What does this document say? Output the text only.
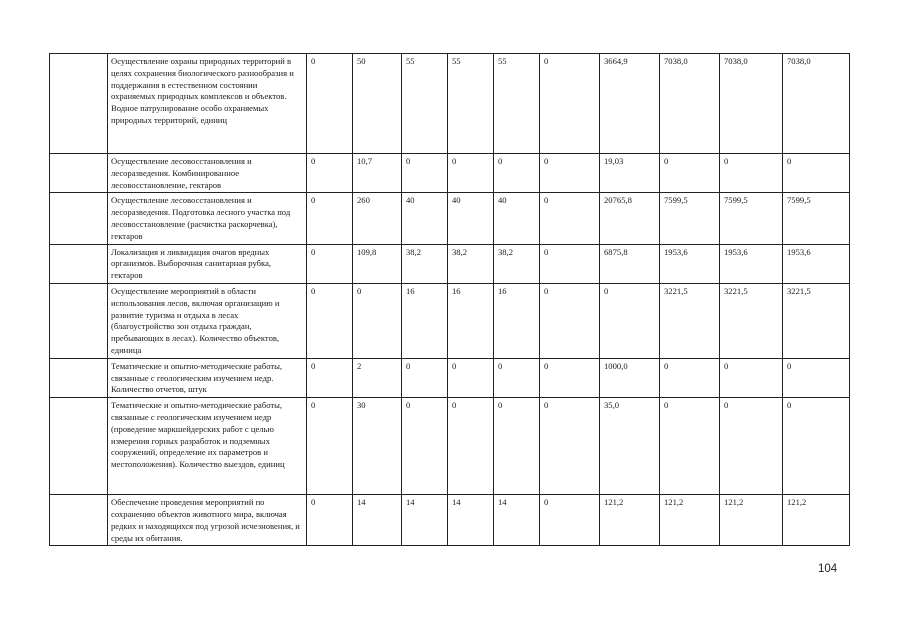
	Осуществление охраны природных территорий в целях сохранения биологического разнообразия и поддержания в естественном состоянии охраняемых природных комплексов и объектов. Водное патрулирование особо охраняемых природных территорий, единиц	0	50	55	55	55	0	3664,9	7038,0	7038,0	7038,0
	Осуществление лесовосстановления и лесоразведения. Комбинированное лесовосстановление, гектаров	0	10,7	0	0	0	0	19,03	0	0	0
	Осуществление лесовосстановления и лесоразведения. Подготовка лесного участка под лесовосстановление (расчистка раскорчевка), гектаров	0	260	40	40	40	0	20765,8	7599,5	7599,5	7599,5
	Локализация и ликвидация очагов вредных организмов. Выборочная санитарная рубка, гектаров	0	109,8	38,2	38,2	38,2	0	6875,8	1953,6	1953,6	1953,6
	Осуществление мероприятий в области использования лесов, включая организацию и развитие туризма и отдыха в лесах (благоустройство зон отдыха граждан, пребывающих в лесах). Количество объектов, единица	0	0	16	16	16	0	0	3221,5	3221,5	3221,5
	Тематические и опытно-методические работы, связанные с геологическим изучением недр. Количество отчетов, штук	0	2	0	0	0	0	1000,0	0	0	0
	Тематические и опытно-методические работы, связанные с геологическим изучением недр (проведение маркшейдерских работ с целью измерения горных разработок и подземных сооружений, определение их параметров и местоположения). Количество выездов, единиц	0	30	0	0	0	0	35,0	0	0	0
	Обеспечение проведения мероприятий по сохранению объектов животного мира, включая редких и находящихся под угрозой исчезновения, и среды их обитания.	0	14	14	14	14	0	121,2	121,2	121,2	121,2
104
